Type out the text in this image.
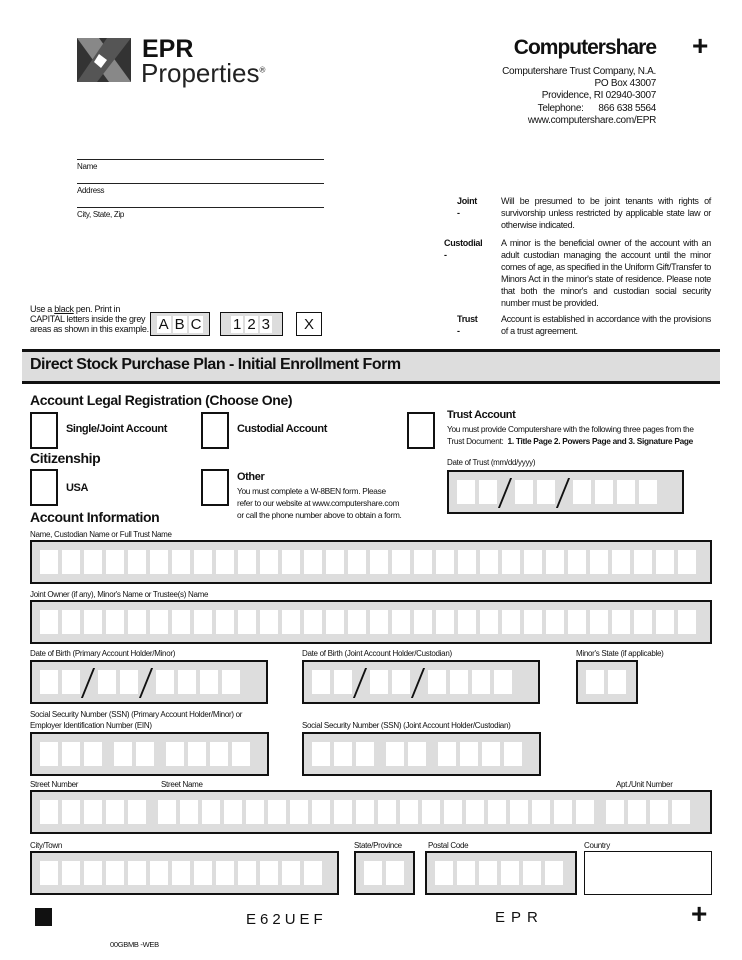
EPR
Properties®
Computershare +
Computershare Trust Company, N.A.
PO Box 43007
Providence, RI 02940-3007
Telephone:      866 638 5564
www.computershare.com/EPR
Name
Address
City, State, Zip
Joint -
Will be presumed to be joint tenants with rights of survivorship unless restricted by applicable state law or otherwise indicated.
Custodial -
A minor is the beneficial owner of the account with an adult custodian managing the account until the minor comes of age, as specified in the Uniform Gift/Transfer to Minors Act in the minor's state of residence. Please note that both the minor's and custodian social security number must be provided.
Trust -
Account is established in accordance with the provisions of a trust agreement.
Use a black pen. Print in
CAPITAL letters inside the grey
areas as shown in this example. A B C 1 2 3	X
Direct Stock Purchase Plan - Initial Enrollment Form
Account Legal Registration (Choose One)
Single/Joint Account	Custodial Account
Trust Account
You must provide Computershare with the following three pages from the
Trust Document:  1. Title Page 2. Powers Page and 3. Signature Page
Date of Trust (mm/dd/yyyy)
Citizenship
USA
Other
You must complete a W-8BEN form. Please
refer to our website at www.computershare.com
or call the phone number above to obtain a form.
Account Information
Name, Custodian Name or Full Trust Name
Joint Owner (if any), Minor's Name or Trustee(s) Name
Date of Birth (Primary Account Holder/Minor)	Date of Birth (Joint Account Holder/Custodian)	Minor's State (if applicable)
Social Security Number (SSN) (Primary Account Holder/Minor) or
Employer Identification Number (EIN)	Social Security Number (SSN) (Joint Account Holder/Custodian)
Street Number	Street Name	Apt./Unit Number
City/Town	State/Province	Postal Code	Country
E62UEF	EPR	+
00GBMB -WEB
